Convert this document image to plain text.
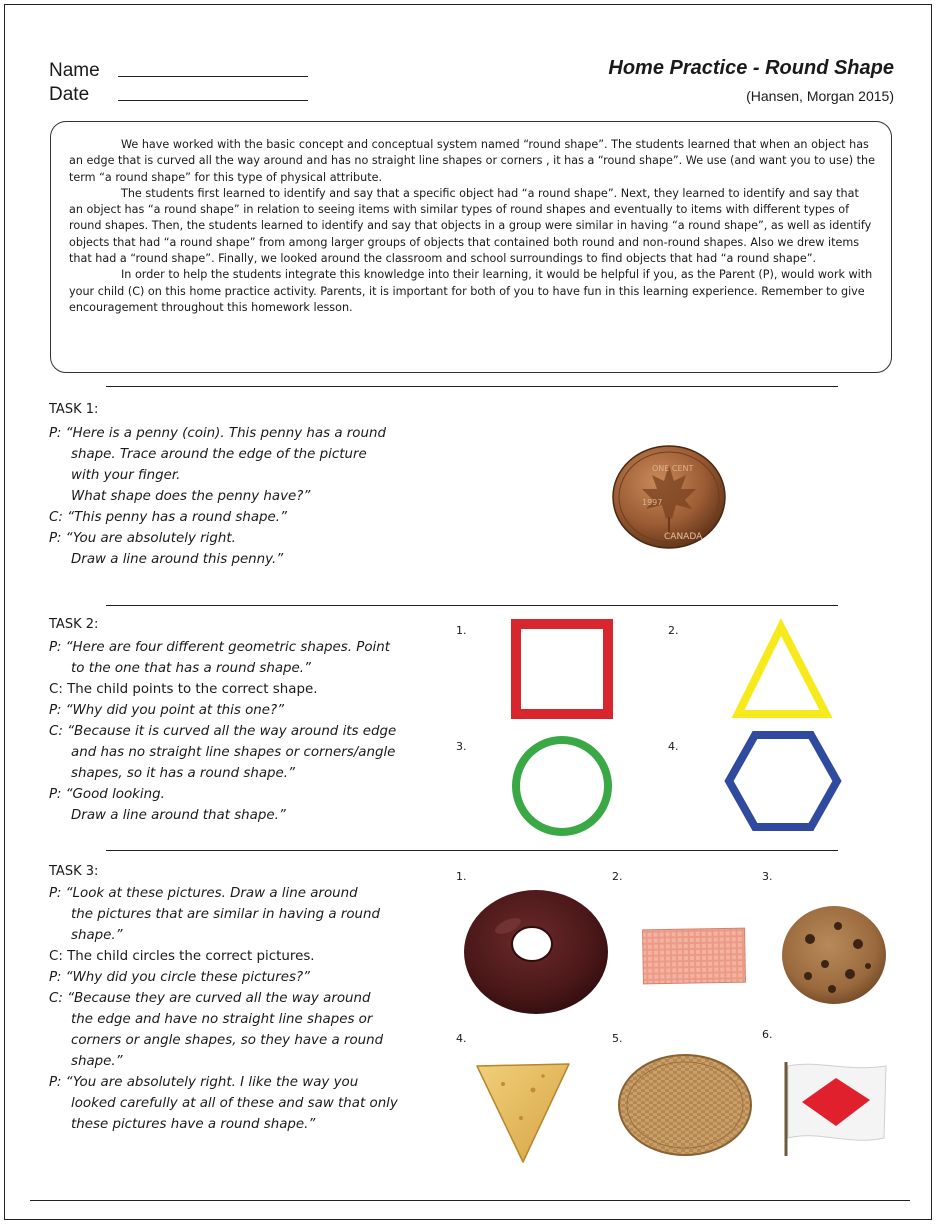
Name
Date
Home Practice - Round Shape
(Hansen, Morgan 2015)

We have worked with the basic concept and conceptual system named “round shape”. The students learned that when an object has an edge that is curved all the way around and has no straight line shapes or corners , it has a “round shape”. We use (and want you to use) the term “a round shape” for this type of physical attribute.

The students first learned to identify and say that a specific object had “a round shape”. Next, they learned to identify and say that an object has “a round shape” in relation to seeing items with similar types of round shapes and eventually to items with different types of round shapes. Then, the students learned to identify and say that objects in a group were similar in having “a round shape”, as well as identify objects that had “a round shape” from among larger groups of objects that contained both round and non-round shapes. Also we drew items that had a “round shape”. Finally, we looked around the classroom and school surroundings to find objects that had “a round shape”.

In order to help the students integrate this knowledge into their learning, it would be helpful if you, as the Parent (P), would work with your child (C) on this home practice activity. Parents, it is important for both of you to have fun in this learning experience. Remember to give encouragement throughout this homework lesson.

TASK 1:
P: “Here is a penny (coin). This penny has a round
shape. Trace around the edge of the picture
with your finger.
What shape does the penny have?”
C: “This penny has a round shape.”
P: “You are absolutely right.
Draw a line around this penny.”
ONE CENT
1997
CANADA
TASK 2:
P: “Here are four different geometric shapes. Point
to the one that has a round shape.”
C: The child points to the correct shape.
P: “Why did you point at this one?”
C: “Because it is curved all the way around its edge
and has no straight line shapes or corners/angle
shapes, so it has a round shape.”
P: “Good looking.
Draw a line around that shape.”
1.	2.
3.	4.
TASK 3:
P: “Look at these pictures. Draw a line around
the pictures that are similar in having a round
shape.”
C: The child circles the correct pictures.
P: “Why did you circle these pictures?”
C: “Because they are curved all the way around
the edge and have no straight line shapes or
corners or angle shapes, so they have a round
shape.”
P: “You are absolutely right. I like the way you
looked carefully at all of these and saw that only
these pictures have a round shape.”
1.	2.	3.
4.	5.	6.
